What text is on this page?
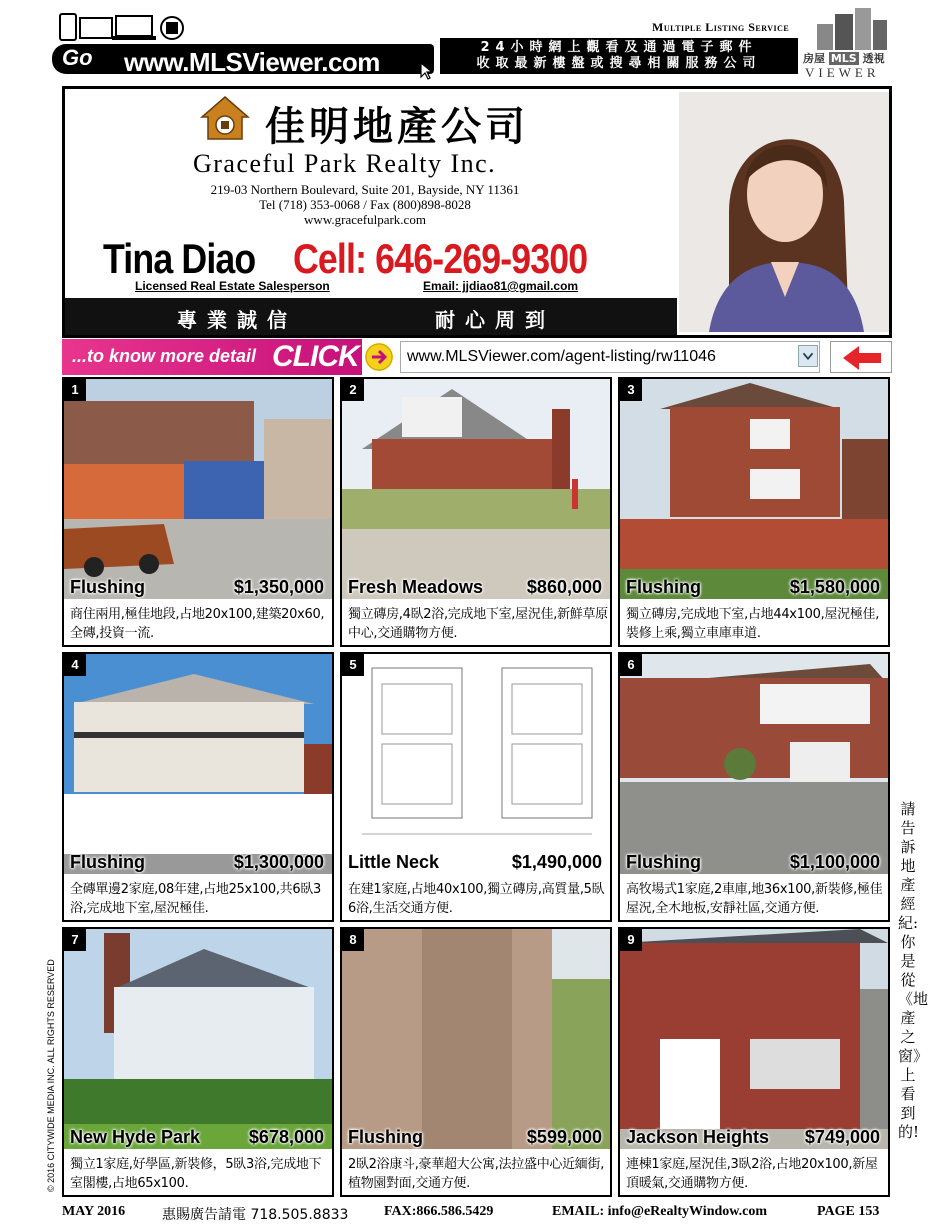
Go www.MLSViewer.com	24小時網上觀看及通過電子郵件
收取最新樓盤或搜尋相關服務公司
Multiple Listing Service
房屋 MLS 透視
VIEWER
佳明地產公司
Graceful Park Realty Inc.
219-03 Northern Boulevard, Suite 201, Bayside, NY 11361
Tel (718) 353-0068 / Fax (800)898-8028
www.gracefulpark.com
Tina Diao Cell: 646-269-9300
Licensed Real Estate Salesperson	Email: jjdiao81@gmail.com
專業誠信	耐心周到
...to know more detail CLICK	www.MLSViewer.com/agent-listing/rw11046
1
Flushing	$1,350,000
商住兩用,極佳地段,占地20x100,建築20x60,全磚,投資一流.
2
Fresh Meadows $860,000
獨立磚房,4臥2浴,完成地下室,屋況佳,新鮮草原中心,交通購物方便.
3
Flushing	$1,580,000
獨立磚房,完成地下室,占地44x100,屋況極佳,裝修上乘,獨立車庫車道.
4
Flushing	$1,300,000
全磚單邊2家庭,08年建,占地25x100,共6臥3浴,完成地下室,屋況極佳.
5
Little Neck	$1,490,000
在建1家庭,占地40x100,獨立磚房,高質量,5臥6浴,生活交通方便.
6
Flushing	$1,100,000
高牧場式1家庭,2車庫,地36x100,新裝修,極佳屋況,全木地板,安靜社區,交通方便.
7
New Hyde Park	$678,000
獨立1家庭,好學區,新裝修，5臥3浴,完成地下室閣樓,占地65x100.
8
Flushing	$599,000
2臥2浴康斗,豪華超大公寓,法拉盛中心近緬街,植物園對面,交通方便.
9
Jackson Heights $749,000
連棟1家庭,屋況佳,3臥2浴,占地20x100,新屋頂暖氣,交通購物方便.
請告訴地產經紀:你是從《地產之窗》上看到的!
© 2016 CITYWIDE MEDIA INC. ALL RIGHTS RESERVED
MAY 2016	惠賜廣告請電 718.505.8833	FAX:866.586.5429	EMAIL: info@eRealtyWindow.com	PAGE 153
